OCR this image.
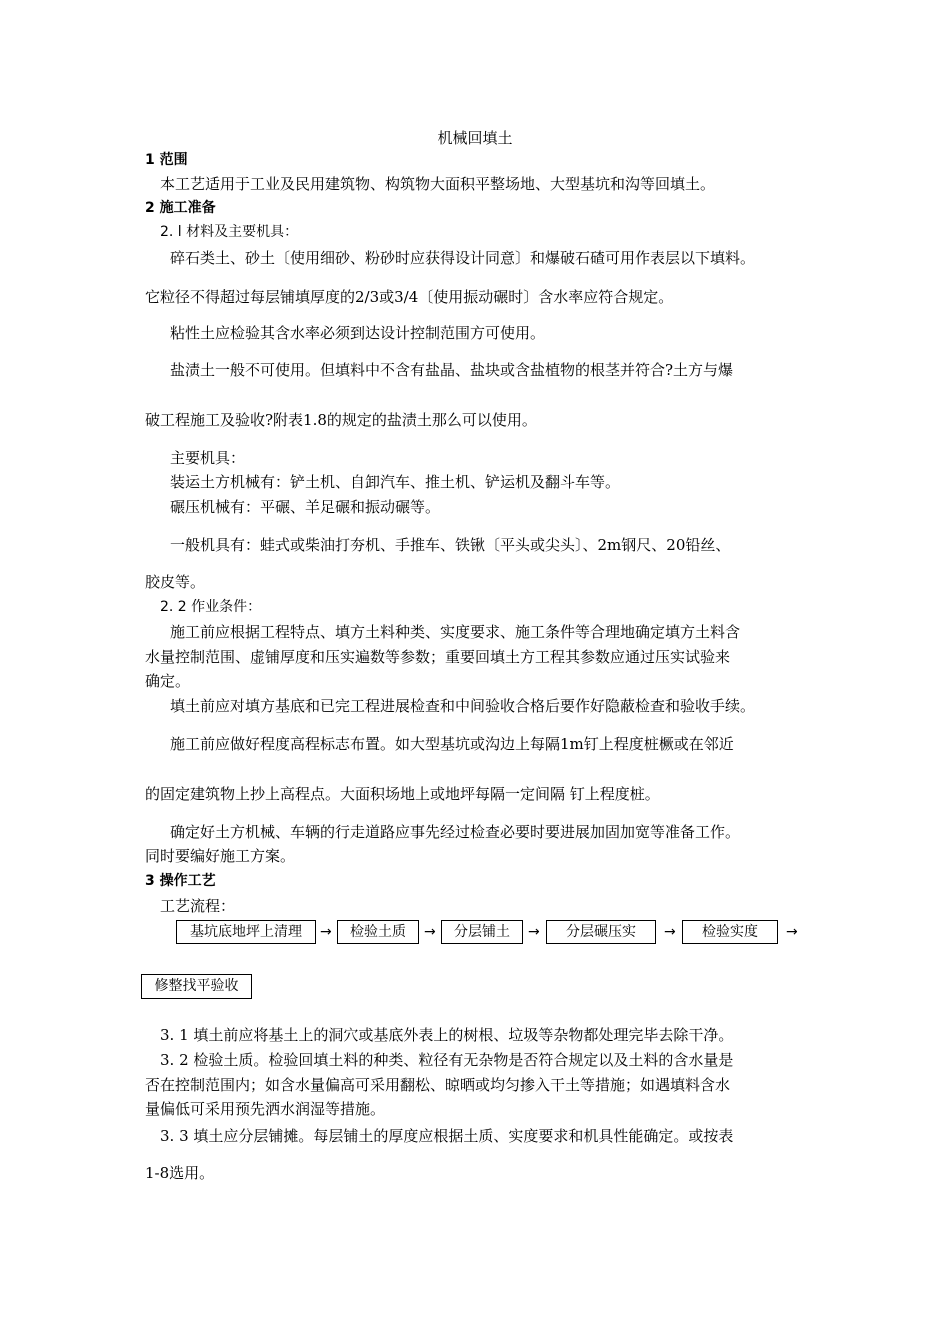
机械回填土
1 范围
本工艺适用于工业及民用建筑物、构筑物大面积平整场地、大型基坑和沟等回填土。
2 施工准备
2. l 材料及主要机具：
碎石类土、砂土〔使用细砂、粉砂时应获得设计同意〕和爆破石碴可用作表层以下填料。
它粒径不得超过每层铺填厚度的2/3或3/4〔使用振动碾时〕含水率应符合规定。
粘性土应检验其含水率必须到达设计控制范围方可使用。
盐渍土一般不可使用。但填料中不含有盐晶、盐块或含盐植物的根茎并符合?土方与爆
破工程施工及验收?附表1.8的规定的盐渍土那么可以使用。
主要机具：
装运土方机械有：铲土机、自卸汽车、推土机、铲运机及翻斗车等。
碾压机械有：平碾、羊足碾和振动碾等。
一般机具有：蛙式或柴油打夯机、手推车、铁锹〔平头或尖头〕、2m钢尺、20铅丝、
胶皮等。
2. 2 作业条件：
施工前应根据工程特点、填方土料种类、实度要求、施工条件等合理地确定填方土料含
水量控制范围、虚铺厚度和压实遍数等参数；重要回填土方工程其参数应通过压实试验来
确定。
填土前应对填方基底和已完工程进展检查和中间验收合格后要作好隐蔽检查和验收手续。
施工前应做好程度高程标志布置。如大型基坑或沟边上每隔1m钉上程度桩橛或在邻近
的固定建筑物上抄上高程点。大面积场地上或地坪每隔一定间隔 钉上程度桩。
确定好土方机械、车辆的行走道路应事先经过检查必要时要进展加固加宽等准备工作。
同时要编好施工方案。
3 操作工艺
工艺流程：
基坑底地坪上清理	→	检验土质	→	分层铺土	→	分层碾压实	→	检验实度	→
修整找平验收
3. 1 填土前应将基土上的洞穴或基底外表上的树根、垃圾等杂物都处理完毕去除干净。
3. 2 检验土质。检验回填土料的种类、粒径有无杂物是否符合规定以及土料的含水量是
否在控制范围内；如含水量偏高可采用翻松、晾晒或均匀掺入干土等措施；如遇填料含水
量偏低可采用预先洒水润湿等措施。
3. 3 填土应分层铺摊。每层铺土的厚度应根据土质、实度要求和机具性能确定。或按表
1-8选用。
